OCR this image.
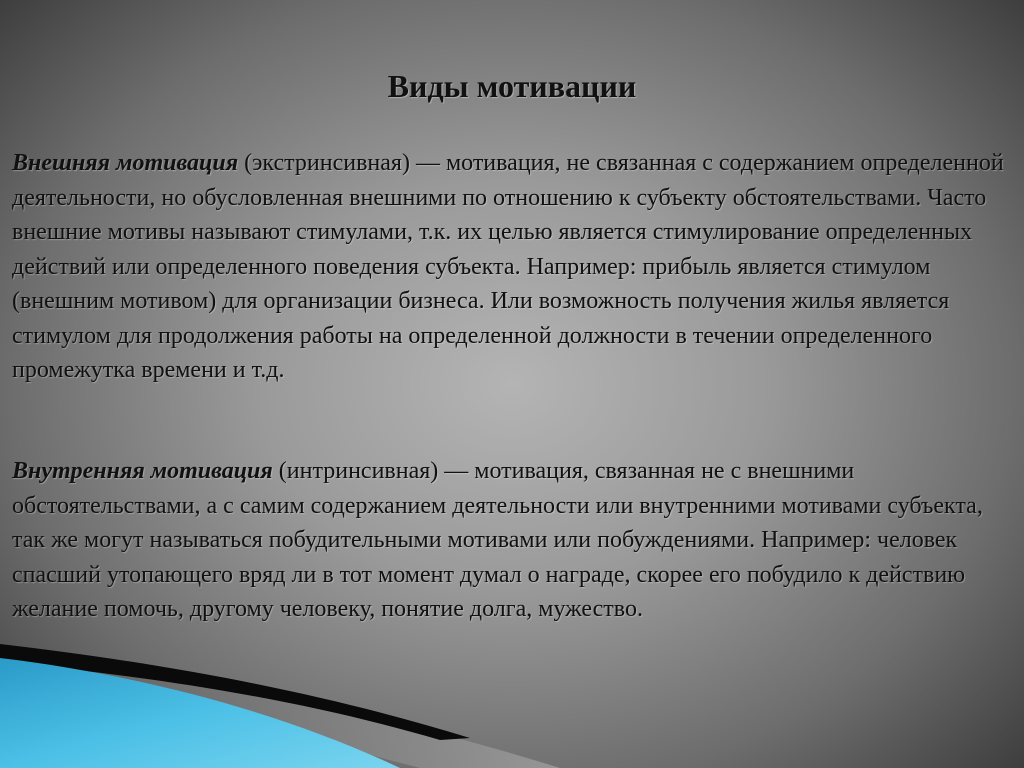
Виды мотивации
Внешняя мотивация (экстринсивная) — мотивация, не связанная с содержанием определенной деятельности, но обусловленная внешними по отношению к субъекту обстоятельствами. Часто внешние мотивы называют стимулами, т.к. их целью является стимулирование определенных действий или определенного поведения субъекта. Например: прибыль является стимулом (внешним мотивом) для организации бизнеса. Или возможность получения жилья является стимулом для продолжения работы на определенной должности в течении определенного промежутка времени и т.д.
Внутренняя мотивация (интринсивная) — мотивация, связанная не с внешними обстоятельствами, а с самим содержанием деятельности или внутренними мотивами субъекта, так же могут называться побудительными мотивами или побуждениями. Например: человек спасший утопающего вряд ли в тот момент думал о награде, скорее его побудило к действию желание помочь, другому человеку, понятие долга, мужество.
